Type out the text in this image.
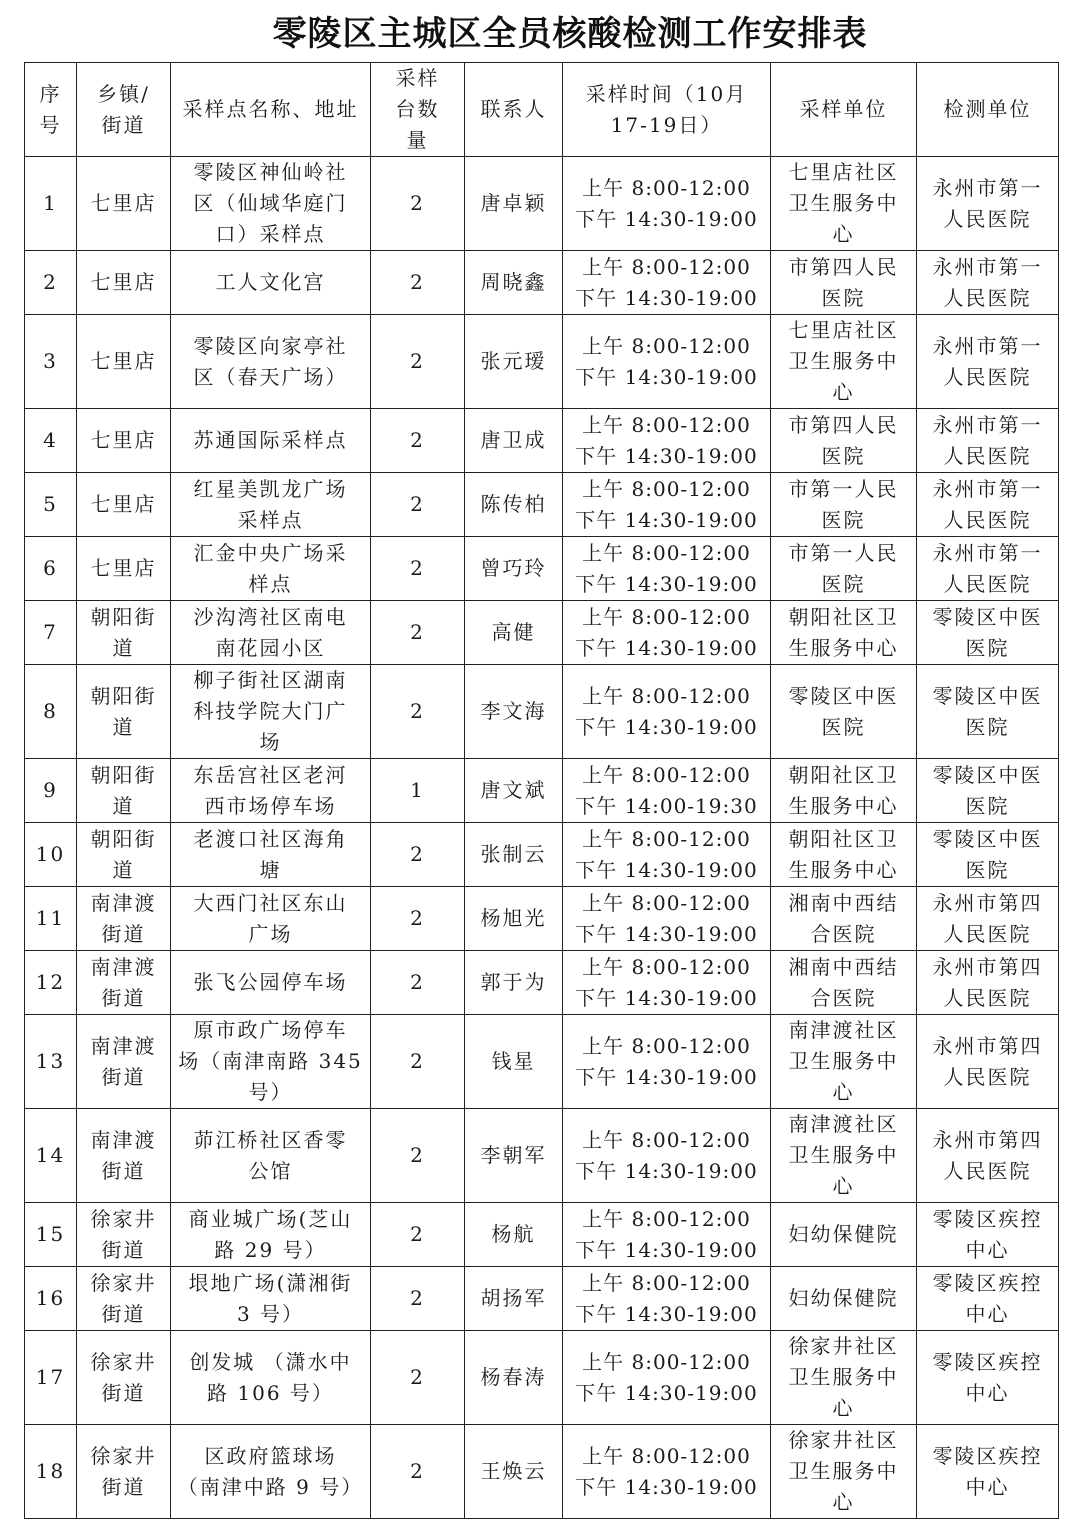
零陵区主城区全员核酸检测工作安排表
序
号	乡镇/
街道	采样点名称、地址	采样
台数
量	联系人	采样时间（10月
17-19日）	采样单位	检测单位

1	七里店	零陵区神仙岭社
区（仙域华庭门
口）采样点	2	唐卓颖	上午 8:00-12:00
下午 14:30-19:00	七里店社区
卫生服务中
心	永州市第一
人民医院

2	七里店	工人文化宫	2	周晓鑫	上午 8:00-12:00
下午 14:30-19:00	市第四人民
医院	永州市第一
人民医院

3	七里店	零陵区向家亭社
区（春天广场）	2	张元瑷	上午 8:00-12:00
下午 14:30-19:00	七里店社区
卫生服务中
心	永州市第一
人民医院

4	七里店	苏通国际采样点	2	唐卫成	上午 8:00-12:00
下午 14:30-19:00	市第四人民
医院	永州市第一
人民医院

5	七里店	红星美凯龙广场
采样点	2	陈传柏	上午 8:00-12:00
下午 14:30-19:00	市第一人民
医院	永州市第一
人民医院

6	七里店	汇金中央广场采
样点	2	曾巧玲	上午 8:00-12:00
下午 14:30-19:00	市第一人民
医院	永州市第一
人民医院

7	朝阳街
道	沙沟湾社区南电
南花园小区	2	高健	上午 8:00-12:00
下午 14:30-19:00	朝阳社区卫
生服务中心	零陵区中医
医院

8	朝阳街
道	柳子街社区湖南
科技学院大门广
场	2	李文海	上午 8:00-12:00
下午 14:30-19:00	零陵区中医
医院	零陵区中医
医院

9	朝阳街
道	东岳宫社区老河
西市场停车场	1	唐文斌	上午 8:00-12:00
下午 14:00-19:30	朝阳社区卫
生服务中心	零陵区中医
医院

10	朝阳街
道	老渡口社区海角
塘	2	张制云	上午 8:00-12:00
下午 14:30-19:00	朝阳社区卫
生服务中心	零陵区中医
医院

11	南津渡
街道	大西门社区东山
广场	2	杨旭光	上午 8:00-12:00
下午 14:30-19:00	湘南中西结
合医院	永州市第四
人民医院

12	南津渡
街道	张飞公园停车场	2	郭于为	上午 8:00-12:00
下午 14:30-19:00	湘南中西结
合医院	永州市第四
人民医院

13	南津渡
街道	原市政广场停车
场（南津南路 345
号）	2	钱星	上午 8:00-12:00
下午 14:30-19:00	南津渡社区
卫生服务中
心	永州市第四
人民医院

14	南津渡
街道	茆江桥社区香零
公馆	2	李朝军	上午 8:00-12:00
下午 14:30-19:00	南津渡社区
卫生服务中
心	永州市第四
人民医院

15	徐家井
街道	商业城广场(芝山
路 29 号）	2	杨航	上午 8:00-12:00
下午 14:30-19:00	妇幼保健院	零陵区疾控
中心

16	徐家井
街道	垠地广场(潇湘街
3 号）	2	胡扬军	上午 8:00-12:00
下午 14:30-19:00	妇幼保健院	零陵区疾控
中心

17	徐家井
街道	创发城 （潇水中
路 106 号）	2	杨春涛	上午 8:00-12:00
下午 14:30-19:00	徐家井社区
卫生服务中
心	零陵区疾控
中心

18	徐家井
街道	区政府篮球场
（南津中路 9 号）	2	王焕云	上午 8:00-12:00
下午 14:30-19:00	徐家井社区
卫生服务中
心	零陵区疾控
中心
